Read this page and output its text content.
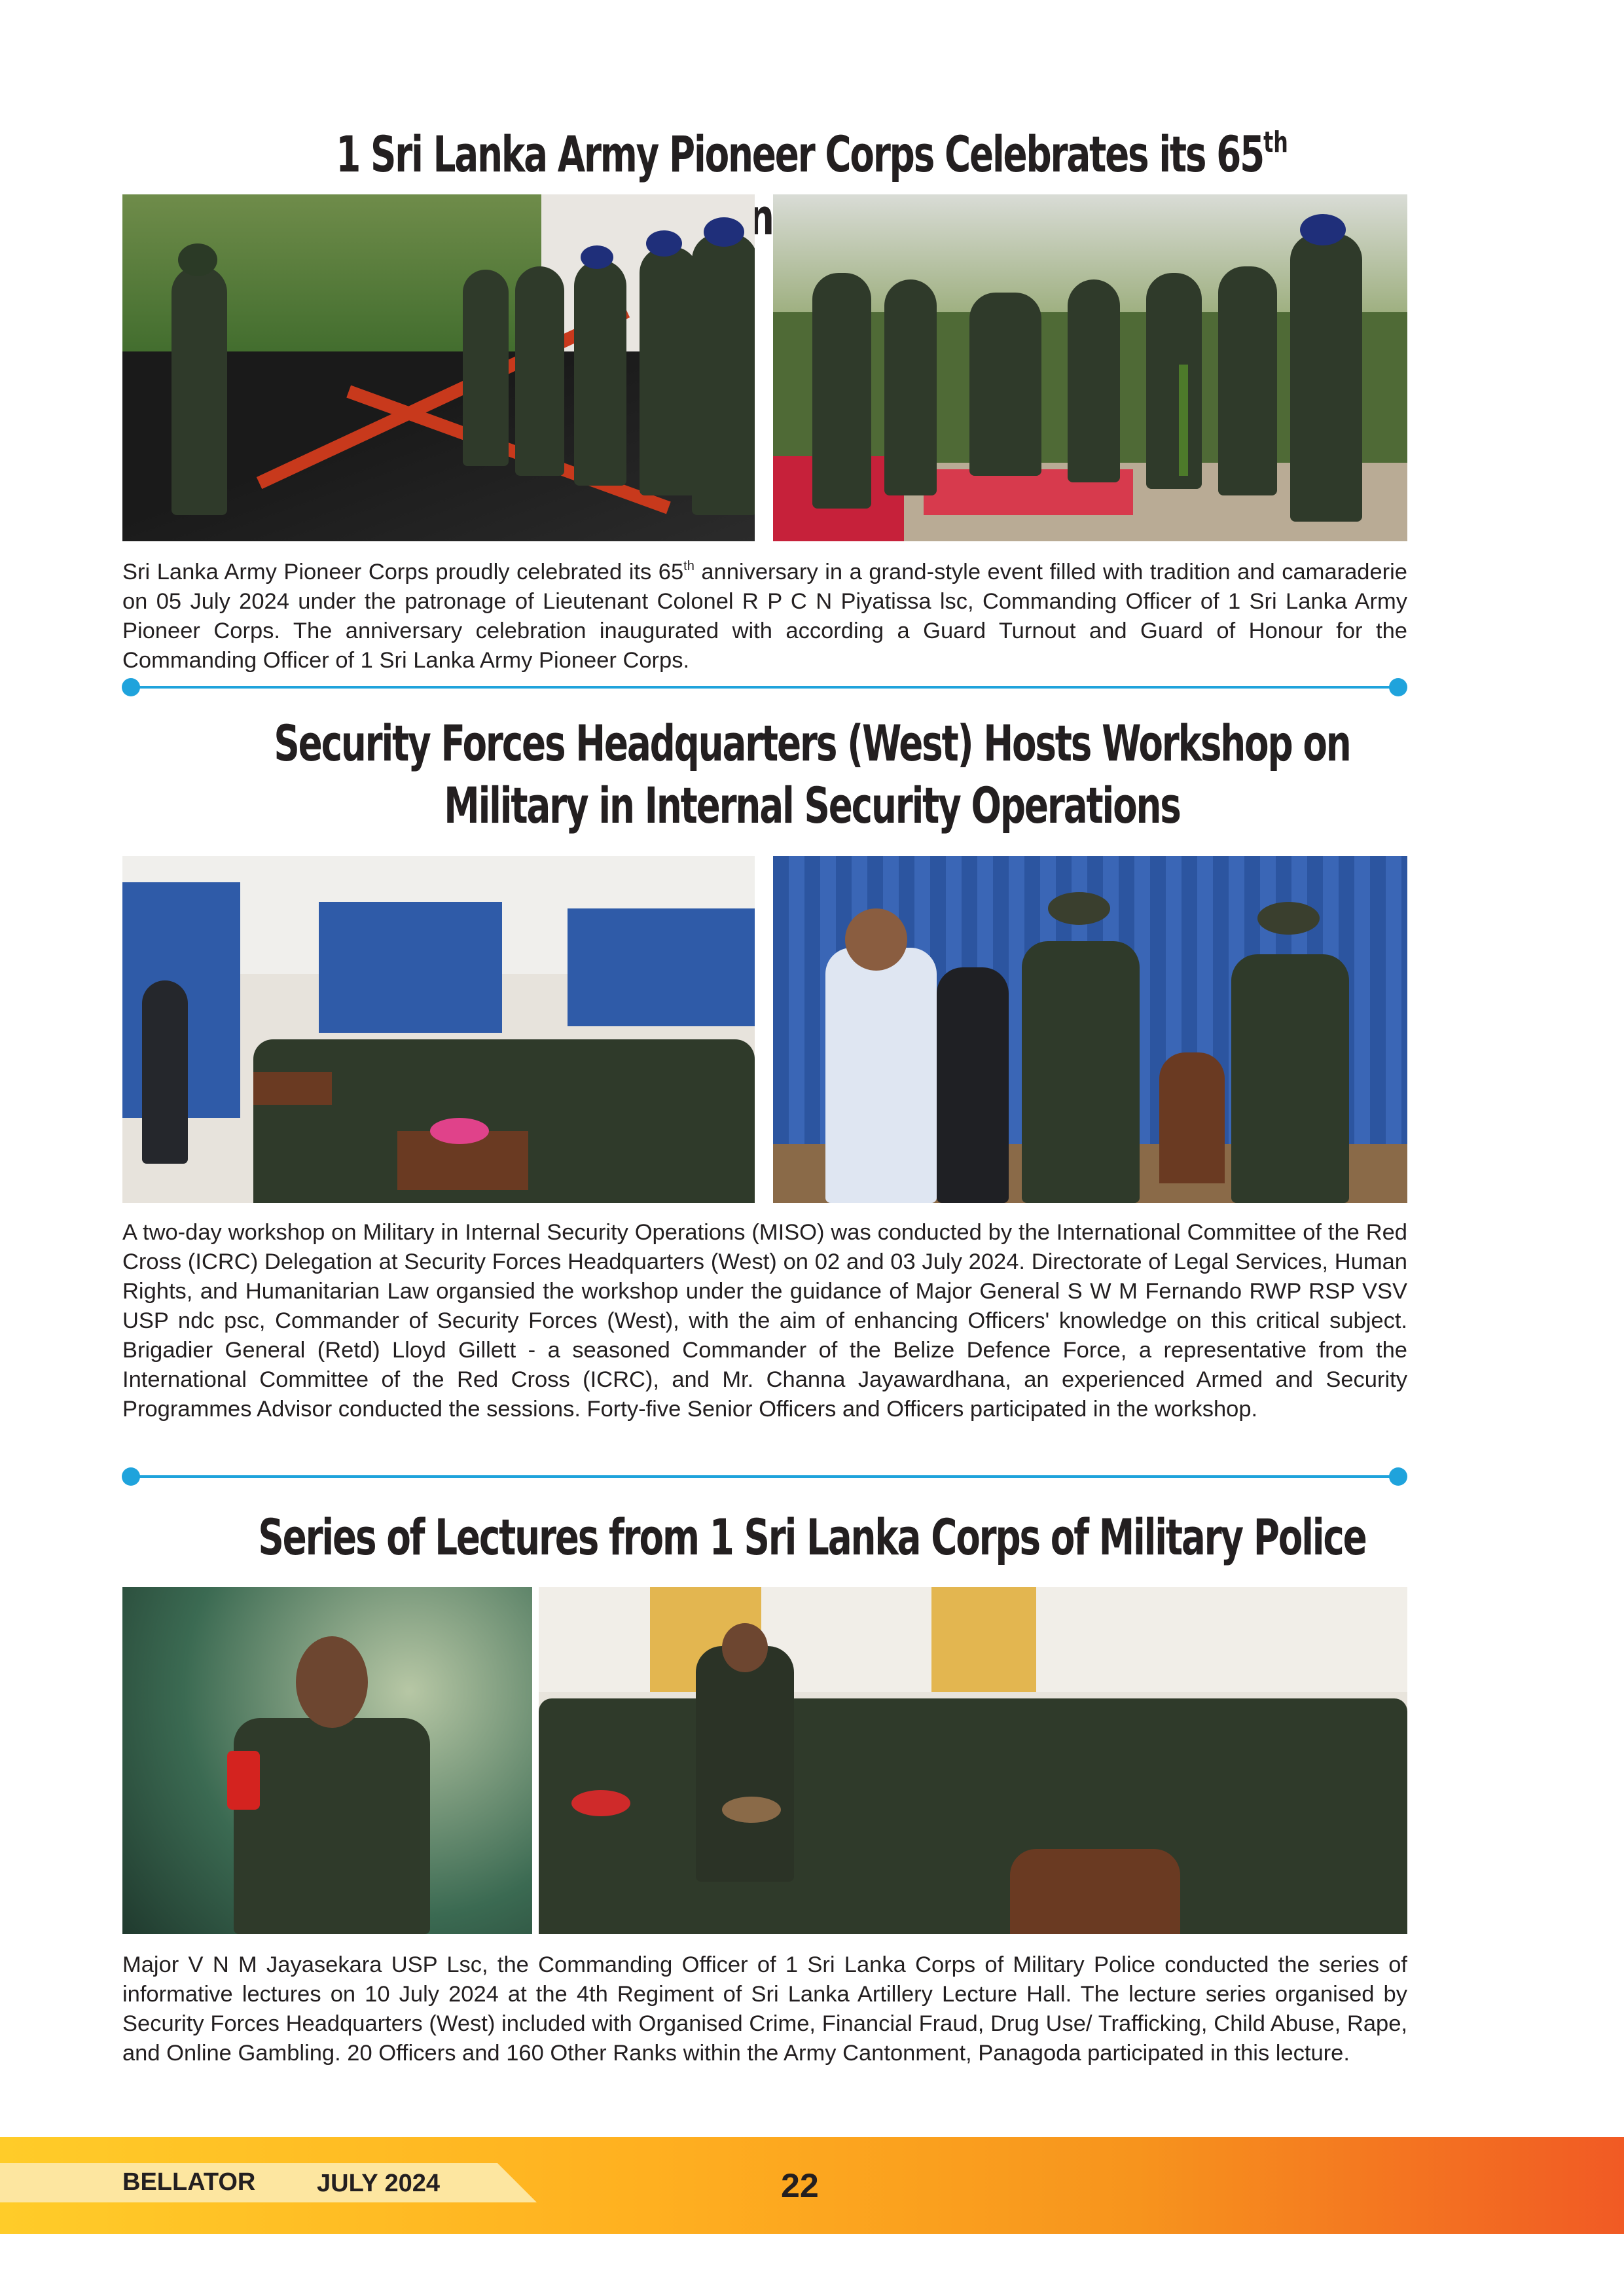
1 Sri Lanka Army Pioneer Corps Celebrates its 65th

Sri Lanka Army Pioneer Corps proudly celebrated its 65th anniversary in a grand-style event filled with tradition and camaraderie on 05 July 2024 under the patronage of Lieutenant Colonel R P C N Piyatissa lsc, Commanding Officer of 1 Sri Lanka Army Pioneer Corps. The anniversary celebration inaugurated with according a Guard Turnout and Guard of Honour for the Commanding Officer of 1 Sri Lanka Army Pioneer Corps.

Security Forces Headquarters (West) Hosts Workshop on
Military in Internal Security Operations

A two-day workshop on Military in Internal Security Operations (MISO) was conducted by the International Committee of the Red Cross (ICRC) Delegation at Security Forces Headquarters (West) on 02 and 03 July 2024. Directorate of Legal Services, Human Rights, and Humanitarian Law organsied the workshop under the guidance of Major General S W M Fernando RWP RSP VSV USP ndc psc, Commander of Security Forces (West), with the aim of enhancing Officers' knowledge on this critical subject. Brigadier General (Retd) Lloyd Gillett - a seasoned Commander of the Belize Defence Force, a representative from the International Committee of the Red Cross (ICRC), and Mr. Channa Jayawardhana, an experienced Armed and Security Programmes Advisor conducted the sessions. Forty-five Senior Officers and Officers participated in the workshop.

Series of Lectures from 1 Sri Lanka Corps of Military Police

Major V N M Jayasekara USP Lsc, the Commanding Officer of 1 Sri Lanka Corps of Military Police conducted the series of informative lectures on 10 July 2024 at the 4th Regiment of Sri Lanka Artillery Lecture Hall. The lecture series organised by Security Forces Headquarters (West) included with Organised Crime, Financial Fraud, Drug Use/ Trafficking, Child Abuse, Rape, and Online Gambling. 20 Officers and 160 Other Ranks within the Army Cantonment, Panagoda participated in this lecture.

BELLATOR JULY 2024	22
